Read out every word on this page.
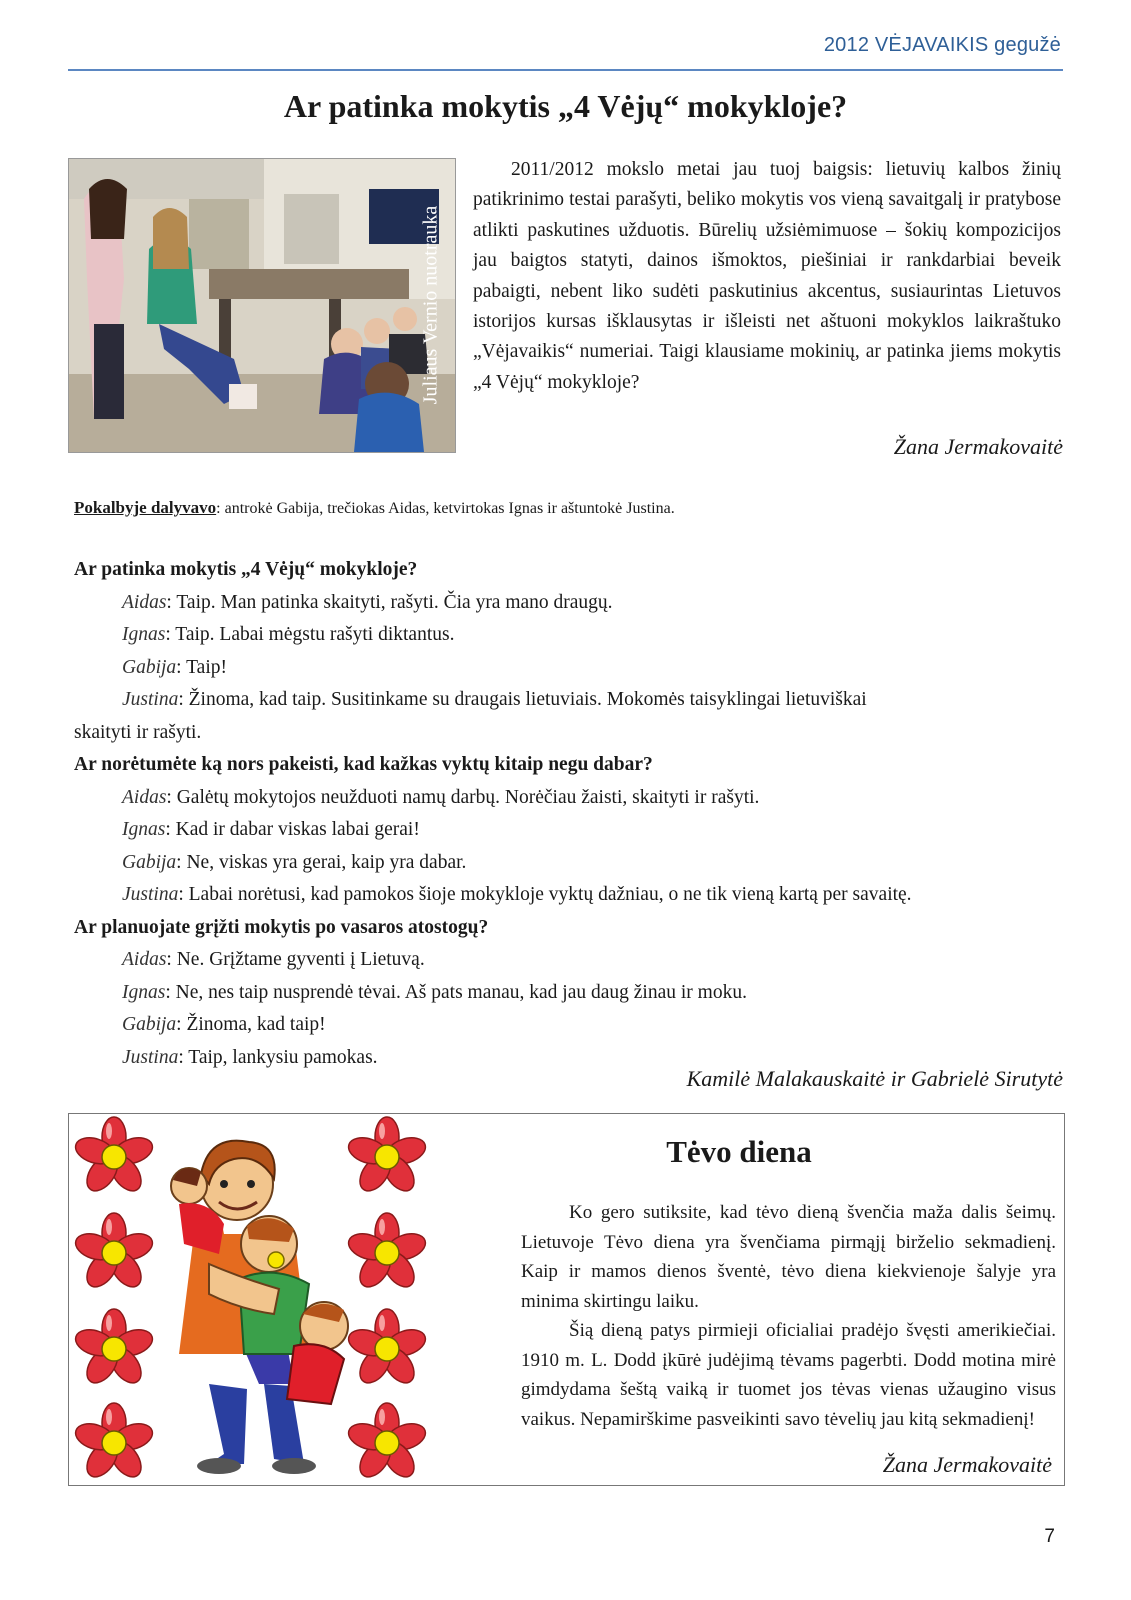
2012 VĖJAVAIKIS gegužė
Ar patinka mokytis „4 Vėjų“ mokykloje?
Juliaus Vernio nuotrauka

2011/2012 mokslo metai jau tuoj baigsis: lietuvių kalbos žinių patikrinimo testai parašyti, beliko mokytis vos vieną savaitgalį ir pratybose atlikti paskutines užduotis. Būrelių užsiėmimuose – šokių kompozicijos jau baigtos statyti, dainos išmoktos, piešiniai ir rankdarbiai beveik pabaigti, nebent liko sudėti paskutinius akcentus, susiaurintas Lietuvos istorijos kursas išklausytas ir išleisti net aštuoni mokyklos laikraštuko „Vėjavaikis“ numeriai. Taigi klausiame mokinių, ar patinka jiems mokytis „4 Vėjų“ mokykloje?

Žana Jermakovaitė
Pokalbyje dalyvavo: antrokė Gabija, trečiokas Aidas, ketvirtokas Ignas ir aštuntokė Justina.
Ar patinka mokytis „4 Vėjų“ mokykloje?
Aidas: Taip. Man patinka skaityti, rašyti. Čia yra mano draugų.
Ignas: Taip. Labai mėgstu rašyti diktantus.
Gabija: Taip!
Justina: Žinoma, kad taip. Susitinkame su draugais lietuviais. Mokomės taisyklingai lietuviškai
skaityti ir rašyti.
Ar norėtumėte ką nors pakeisti, kad kažkas vyktų kitaip negu dabar?
Aidas: Galėtų mokytojos neužduoti namų darbų. Norėčiau žaisti, skaityti ir rašyti.
Ignas: Kad ir dabar viskas labai gerai!
Gabija: Ne, viskas yra gerai, kaip yra dabar.
Justina: Labai norėtusi, kad pamokos šioje mokykloje vyktų dažniau, o ne tik vieną kartą per savaitę.
Ar planuojate grįžti mokytis po vasaros atostogų?
Aidas: Ne. Grįžtame gyventi į Lietuvą.
Ignas: Ne, nes taip nusprendė tėvai. Aš pats manau, kad jau daug žinau ir moku.
Gabija: Žinoma, kad taip!
Justina: Taip, lankysiu pamokas.
Kamilė Malakauskaitė ir Gabrielė Sirutytė
Tėvo diena

Ko gero sutiksite, kad tėvo dieną švenčia maža dalis šeimų. Lietuvoje Tėvo diena yra švenčiama pirmąjį birželio sekmadienį. Kaip ir mamos dienos šventė, tėvo diena kiekvienoje šalyje yra minima skirtingu laiku.

Šią dieną patys pirmieji oficialiai pradėjo švęsti amerikiečiai. 1910 m. L. Dodd įkūrė judėjimą tėvams pagerbti. Dodd motina mirė gimdydama šeštą vaiką ir tuomet jos tėvas vienas užaugino visus vaikus. Nepamirškime pasveikinti savo tėvelių jau kitą sekmadienį!

Žana Jermakovaitė
7
